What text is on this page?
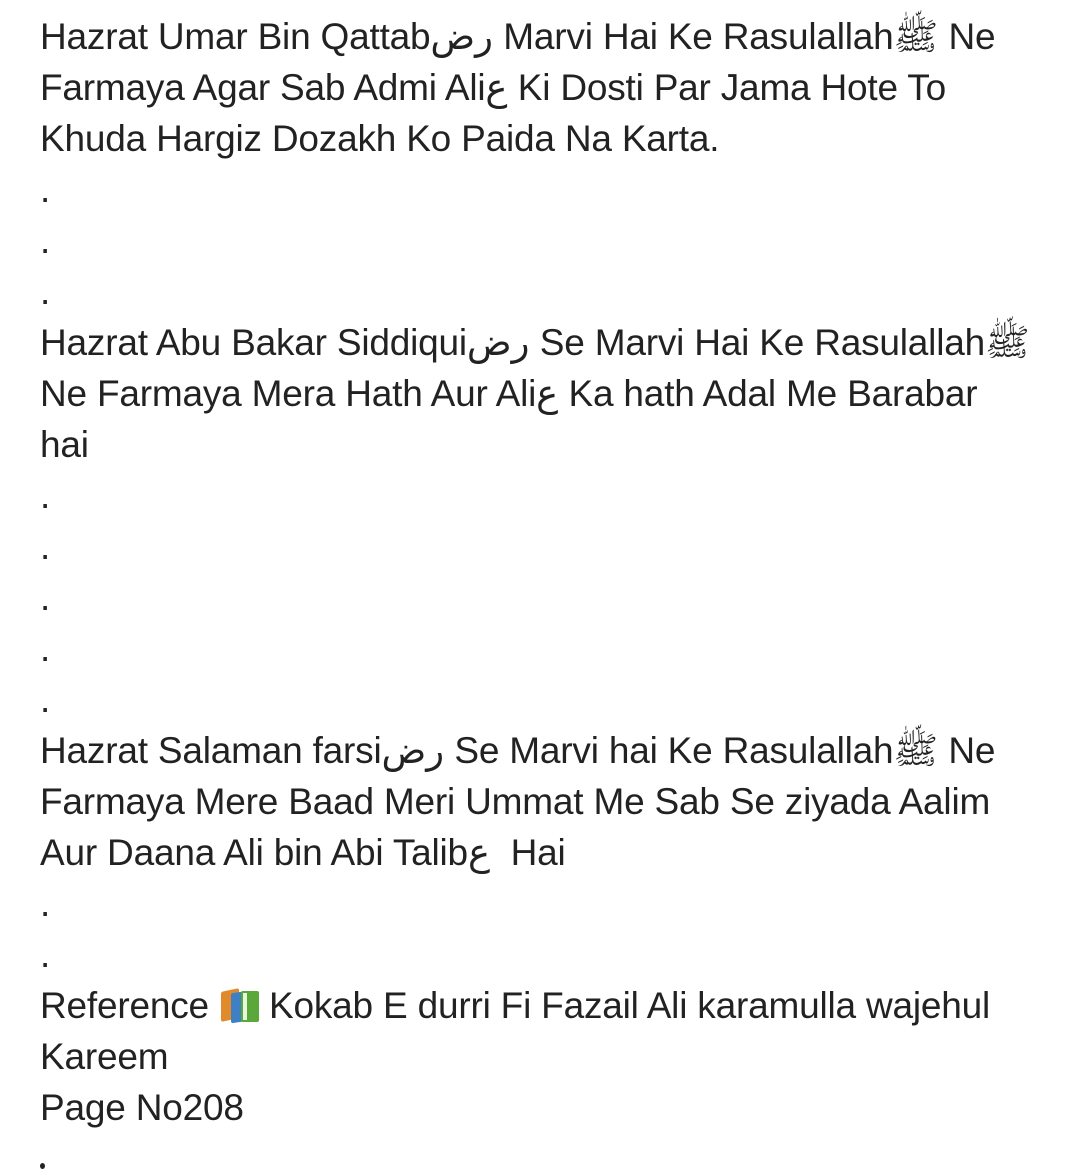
Hazrat Umar Bin Qattabرض Marvi Hai Ke Rasulallahﷺ Ne
Farmaya Agar Sab Admi Aliع Ki Dosti Par Jama Hote To
Khuda Hargiz Dozakh Ko Paida Na Karta.
.
.
.
Hazrat Abu Bakar Siddiquiرض Se Marvi Hai Ke Rasulallahﷺ
Ne Farmaya Mera Hath Aur Aliع Ka hath Adal Me Barabar
hai
.
.
.
.
.
Hazrat Salaman farsiرض Se Marvi hai Ke Rasulallahﷺ Ne
Farmaya Mere Baad Meri Ummat Me Sab Se ziyada Aalim
Aur Daana Ali bin Abi Talibع  Hai
.
.
Reference Kokab E durri Fi Fazail Ali karamulla wajehul
Kareem
Page No208
